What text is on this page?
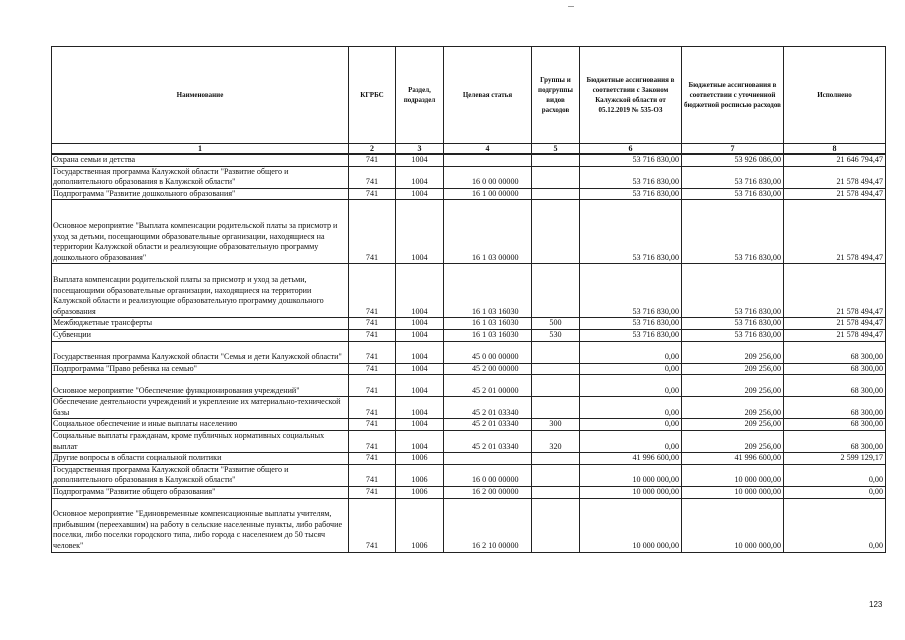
Наименование	КГРБС	Раздел, подраздел	Целевая статья	Группы и подгруппы видов расходов	Бюджетные ассигнования в соответствии с Законом Калужской области от 05.12.2019 № 535-ОЗ	Бюджетные ассигнования в соответствии с уточненной бюджетной росписью расходов	Исполнено
1	2	3	4	5	6	7	8
Охрана семьи и детства	741	1004			53 716 830,00	53 926 086,00	21 646 794,47
Государственная программа Калужской области "Развитие общего и дополнительного образования в Калужской области"	741	1004	16 0 00 00000		53 716 830,00	53 716 830,00	21 578 494,47
Подпрограмма "Развитие дошкольного образования"	741	1004	16 1 00 00000		53 716 830,00	53 716 830,00	21 578 494,47
Основное мероприятие "Выплата компенсации родительской платы за присмотр и уход за детьми, посещающими образовательные организации, находящиеся на территории Калужской области и реализующие образовательную программу дошкольного образования"	741	1004	16 1 03 00000		53 716 830,00	53 716 830,00	21 578 494,47
Выплата компенсации родительской платы за присмотр и уход за детьми, посещающими образовательные организации, находящиеся на территории Калужской области и реализующие образовательную программу дошкольного образования	741	1004	16 1 03 16030		53 716 830,00	53 716 830,00	21 578 494,47
Межбюджетные трансферты	741	1004	16 1 03 16030	500	53 716 830,00	53 716 830,00	21 578 494,47
Субвенции	741	1004	16 1 03 16030	530	53 716 830,00	53 716 830,00	21 578 494,47
Государственная программа Калужской области "Семья и дети Калужской области"	741	1004	45 0 00 00000		0,00	209 256,00	68 300,00
Подпрограмма "Право ребенка на семью"	741	1004	45 2 00 00000		0,00	209 256,00	68 300,00
Основное мероприятие "Обеспечение функционирования учреждений"	741	1004	45 2 01 00000		0,00	209 256,00	68 300,00
Обеспечение деятельности учреждений и укрепление их материально-технической базы	741	1004	45 2 01 03340		0,00	209 256,00	68 300,00
Социальное обеспечение и иные выплаты населению	741	1004	45 2 01 03340	300	0,00	209 256,00	68 300,00
Социальные выплаты гражданам, кроме публичных нормативных социальных выплат	741	1004	45 2 01 03340	320	0,00	209 256,00	68 300,00
Другие вопросы в области социальной политики	741	1006			41 996 600,00	41 996 600,00	2 599 129,17
Государственная программа Калужской области "Развитие общего и дополнительного образования в Калужской области"	741	1006	16 0 00 00000		10 000 000,00	10 000 000,00	0,00
Подпрограмма "Развитие общего образования"	741	1006	16 2 00 00000		10 000 000,00	10 000 000,00	0,00
Основное мероприятие "Единовременные компенсационные выплаты учителям, прибывшим (переехавшим) на работу в сельские населенные пункты, либо рабочие поселки, либо поселки городского типа, либо города с населением до 50 тысяч человек"	741	1006	16 2 10 00000		10 000 000,00	10 000 000,00	0,00
123
